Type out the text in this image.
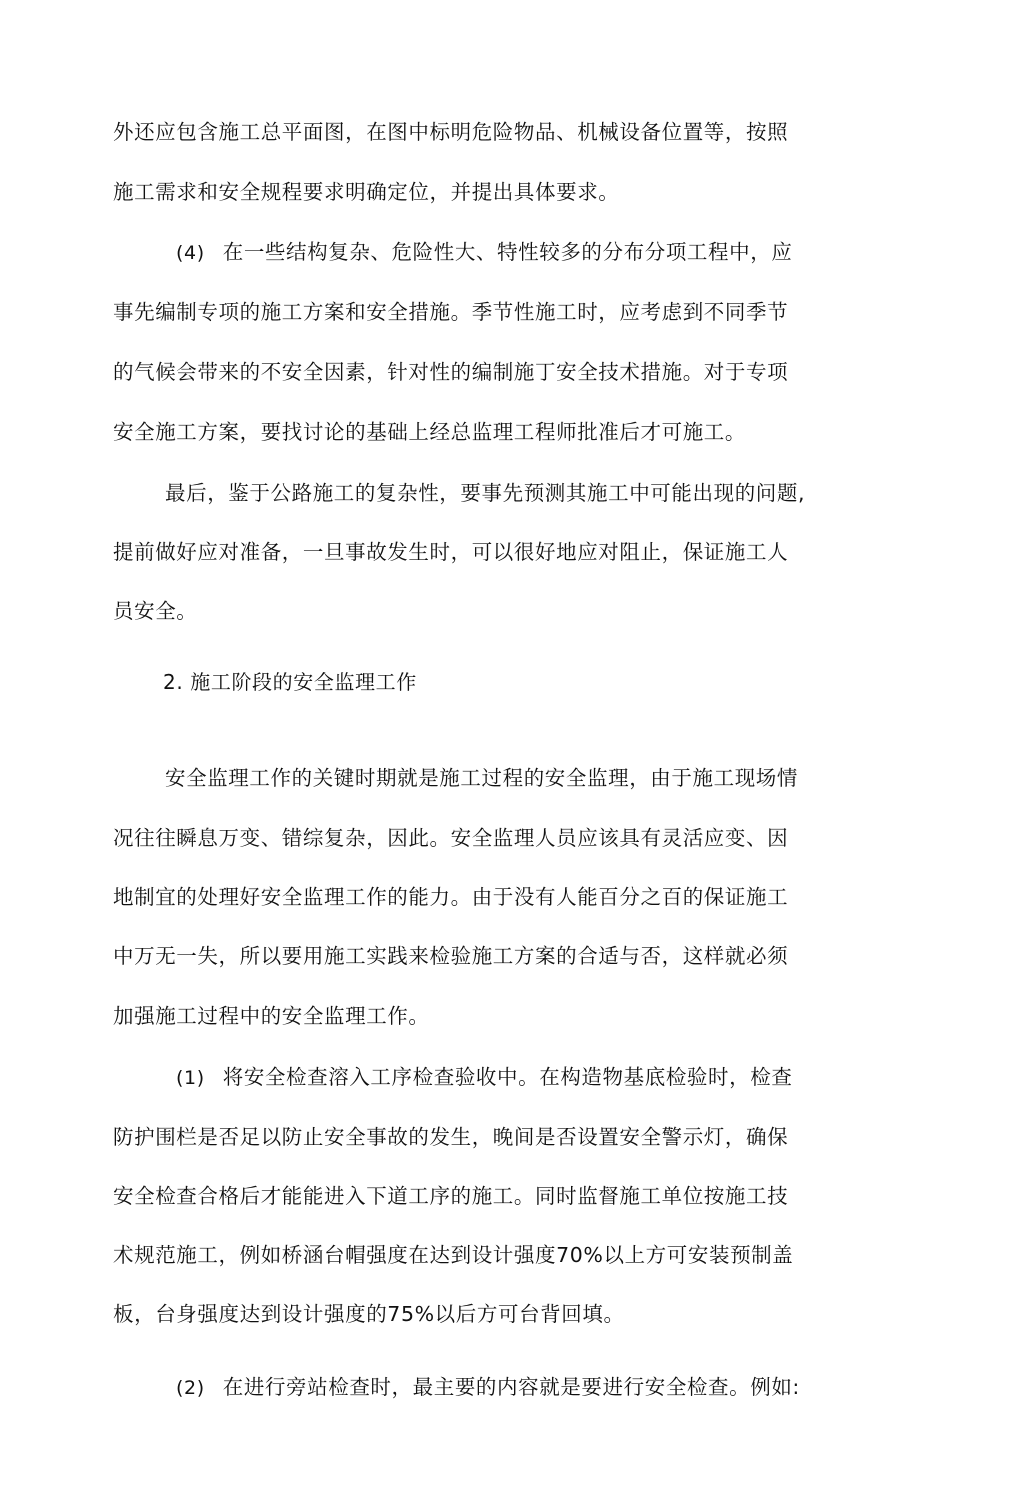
外还应包含施工总平面图，在图中标明危险物品、机械设备位置等，按照
施工需求和安全规程要求明确定位，并提出具体要求。
(4) 在一些结构复杂、危险性大、特性较多的分布分项工程中，应
事先编制专项的施工方案和安全措施。季节性施工时，应考虑到不同季节
的气候会带来的不安全因素，针对性的编制施丁安全技术措施。对于专项
安全施工方案，要找讨论的基础上经总监理工程师批准后才可施工。
最后，鉴于公路施工的复杂性，要事先预测其施工中可能出现的问题,
提前做好应对准备，一旦事故发生时，可以很好地应对阻止，保证施工人
员安全。
2. 施工阶段的安全监理工作
安全监理工作的关键时期就是施工过程的安全监理，由于施工现场情
况往往瞬息万变、错综复杂，因此。安全监理人员应该具有灵活应变、因
地制宜的处理好安全监理工作的能力。由于没有人能百分之百的保证施工
中万无一失，所以要用施工实践来检验施工方案的合适与否，这样就必须
加强施工过程中的安全监理工作。
(1) 将安全检查溶入工序检查验收中。在构造物基底检验时，检查
防护围栏是否足以防止安全事故的发生，晚间是否设置安全警示灯，确保
安全检查合格后才能能进入下道工序的施工。同时监督施工单位按施工技
术规范施工，例如桥涵台帽强度在达到设计强度70%以上方可安装预制盖
板，台身强度达到设计强度的75%以后方可台背回填。
(2) 在进行旁站检查时，最主要的内容就是要进行安全检查。例如:
